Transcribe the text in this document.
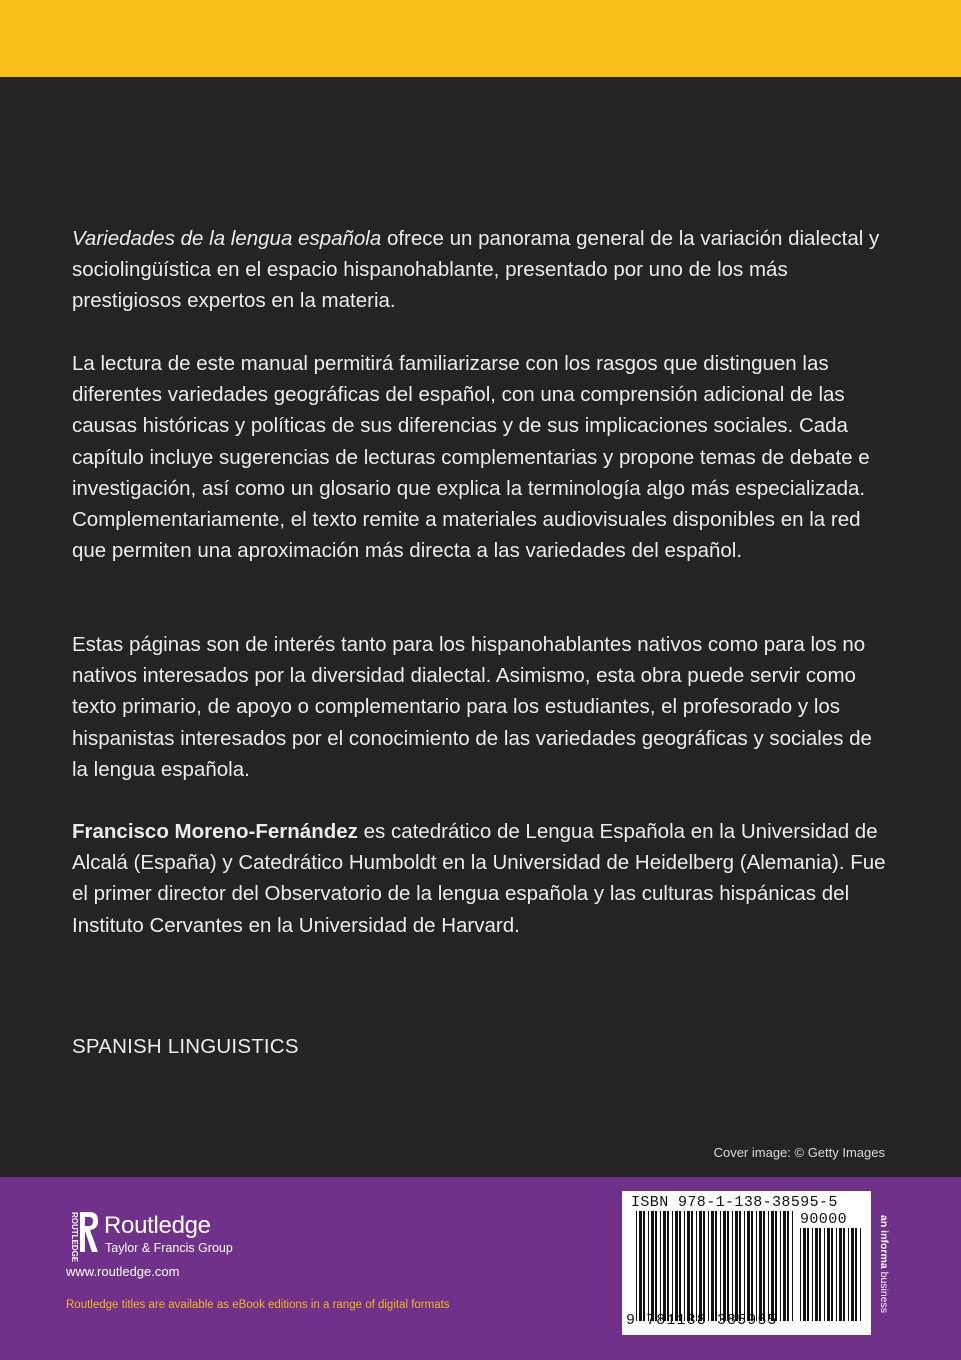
Variedades de la lengua española ofrece un panorama general de la variación dialectal y sociolingüística en el espacio hispanohablante, presentado por uno de los más prestigiosos expertos en la materia.

La lectura de este manual permitirá familiarizarse con los rasgos que distinguen las diferentes variedades geográficas del español, con una comprensión adicional de las causas históricas y políticas de sus diferencias y de sus implicaciones sociales. Cada capítulo incluye sugerencias de lecturas complementarias y propone temas de debate e investigación, así como un glosario que explica la terminología algo más especializada. Complementariamente, el texto remite a materiales audiovisuales disponibles en la red que permiten una aproximación más directa a las variedades del español.

Estas páginas son de interés tanto para los hispanohablantes nativos como para los no nativos interesados por la diversidad dialectal. Asimismo, esta obra puede servir como texto primario, de apoyo o complementario para los estudiantes, el profesorado y los hispanistas interesados por el conocimiento de las variedades geográficas y sociales de la lengua española.

Francisco Moreno-Fernández es catedrático de Lengua Española en la Universidad de Alcalá (España) y Catedrático Humboldt en la Universidad de Heidelberg (Alemania). Fue el primer director del Observatorio de la lengua española y las culturas hispánicas del Instituto Cervantes en la Universidad de Harvard.

SPANISH LINGUISTICS
Cover image: © Getty Images
ROUTLEDGE Routledge
Taylor & Francis Group
www.routledge.com
Routledge titles are available as eBook editions in a range of digital formats
ISBN 978-1-138-38595-5
90000
9 781138 385955
an informa business
